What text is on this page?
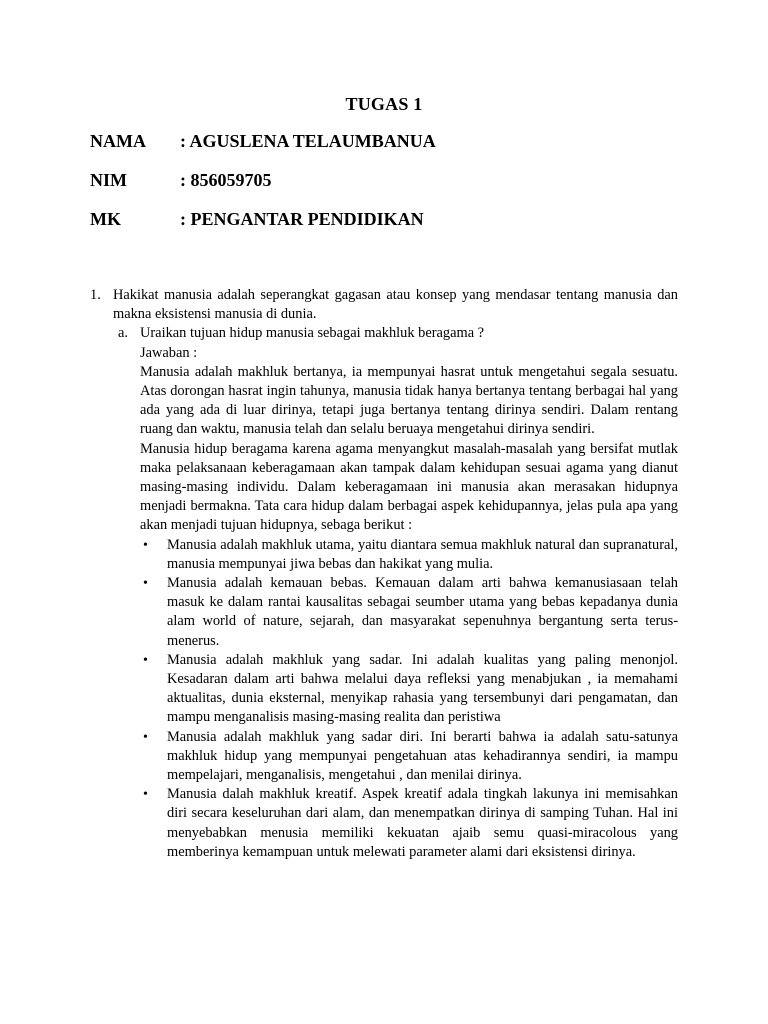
TUGAS 1
NAMA : AGUSLENA TELAUMBANUA
NIM	: 856059705
MK	: PENGANTAR PENDIDIKAN
1. Hakikat manusia adalah seperangkat gagasan atau konsep yang mendasar tentang manusia dan makna eksistensi manusia di dunia.
a. Uraikan tujuan hidup manusia sebagai makhluk beragama ?
Jawaban :
Manusia adalah makhluk bertanya, ia mempunyai hasrat untuk mengetahui segala sesuatu. Atas dorongan hasrat ingin tahunya, manusia tidak hanya bertanya tentang berbagai hal yang ada yang ada di luar dirinya, tetapi juga bertanya tentang dirinya sendiri. Dalam rentang ruang dan waktu, manusia telah dan selalu beruaya mengetahui dirinya sendiri.
Manusia hidup beragama karena agama menyangkut masalah-masalah yang bersifat mutlak maka pelaksanaan keberagamaan akan tampak dalam kehidupan sesuai agama yang dianut masing-masing individu. Dalam keberagamaan ini manusia akan merasakan hidupnya menjadi bermakna. Tata cara hidup dalam berbagai aspek kehidupannya, jelas pula apa yang akan menjadi tujuan hidupnya, sebaga berikut :
• Manusia adalah makhluk utama, yaitu diantara semua makhluk natural dan supranatural, manusia mempunyai jiwa bebas dan hakikat yang mulia.
• Manusia adalah kemauan bebas. Kemauan dalam arti bahwa kemanusiasaan telah masuk ke dalam rantai kausalitas sebagai seumber utama yang bebas kepadanya dunia alam world of nature, sejarah, dan masyarakat sepenuhnya bergantung serta terus-menerus.
• Manusia adalah makhluk yang sadar. Ini adalah kualitas yang paling menonjol. Kesadaran dalam arti bahwa melalui daya refleksi yang menabjukan , ia memahami aktualitas, dunia eksternal, menyikap rahasia yang tersembunyi dari pengamatan, dan mampu menganalisis masing-masing realita dan peristiwa
• Manusia adalah makhluk yang sadar diri. Ini berarti bahwa ia adalah satu-satunya makhluk hidup yang mempunyai pengetahuan atas kehadirannya sendiri, ia mampu mempelajari, menganalisis, mengetahui , dan menilai dirinya.
• Manusia dalah makhluk kreatif. Aspek kreatif adala tingkah lakunya ini memisahkan diri secara keseluruhan dari alam, dan menempatkan dirinya di samping Tuhan. Hal ini menyebabkan menusia memiliki kekuatan ajaib semu quasi-miracolous yang memberinya kemampuan untuk melewati parameter alami dari eksistensi dirinya.
